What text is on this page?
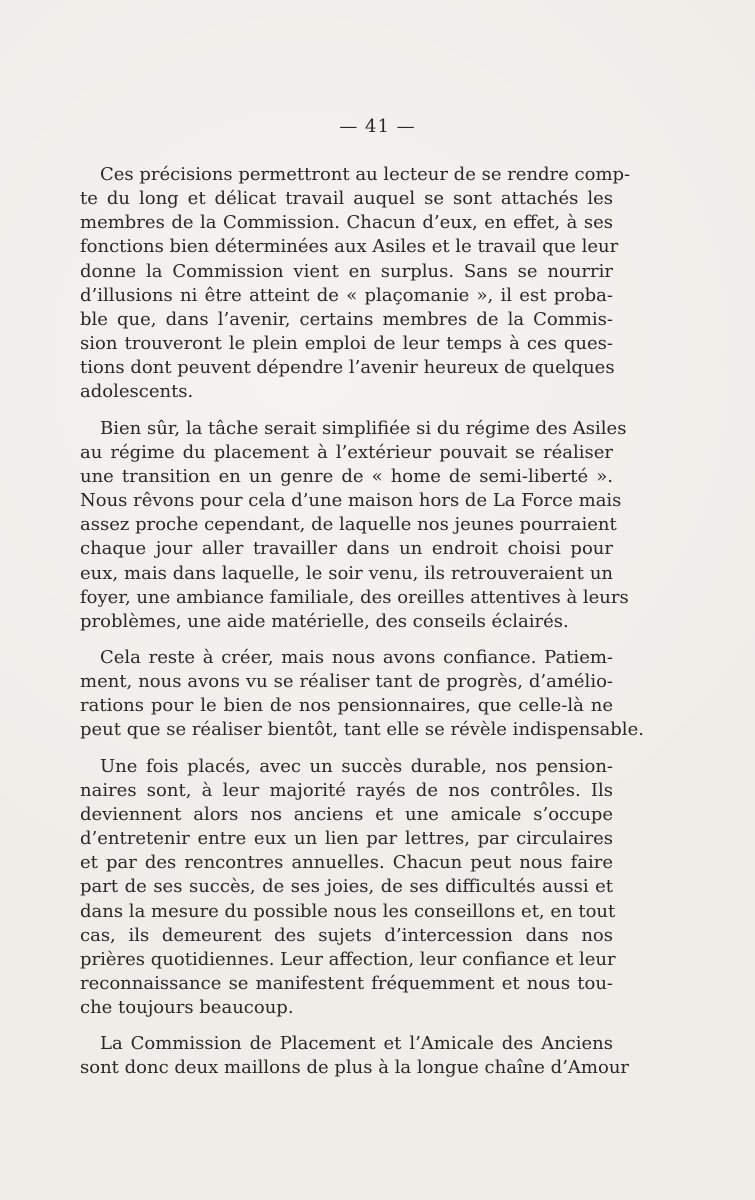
— 41 —

Ces précisions permettront au lecteur de se rendre comp-
te du long et délicat travail auquel se sont attachés les
membres de la Commission. Chacun d’eux, en effet, à ses
fonctions bien déterminées aux Asiles et le travail que leur
donne la Commission vient en surplus. Sans se nourrir
d’illusions ni être atteint de « plaçomanie », il est proba-
ble que, dans l’avenir, certains membres de la Commis-
sion trouveront le plein emploi de leur temps à ces ques-
tions dont peuvent dépendre l’avenir heureux de quelques
adolescents.

Bien sûr, la tâche serait simplifiée si du régime des Asiles
au régime du placement à l’extérieur pouvait se réaliser
une transition en un genre de « home de semi-liberté ».
Nous rêvons pour cela d’une maison hors de La Force mais
assez proche cependant, de laquelle nos jeunes pourraient
chaque jour aller travailler dans un endroit choisi pour
eux, mais dans laquelle, le soir venu, ils retrouveraient un
foyer, une ambiance familiale, des oreilles attentives à leurs
problèmes, une aide matérielle, des conseils éclairés.

Cela reste à créer, mais nous avons confiance. Patiem-
ment, nous avons vu se réaliser tant de progrès, d’amélio-
rations pour le bien de nos pensionnaires, que celle-là ne
peut que se réaliser bientôt, tant elle se révèle indispensable.

Une fois placés, avec un succès durable, nos pension-
naires sont, à leur majorité rayés de nos contrôles. Ils
deviennent alors nos anciens et une amicale s’occupe
d’entretenir entre eux un lien par lettres, par circulaires
et par des rencontres annuelles. Chacun peut nous faire
part de ses succès, de ses joies, de ses difficultés aussi et
dans la mesure du possible nous les conseillons et, en tout
cas, ils demeurent des sujets d’intercession dans nos
prières quotidiennes. Leur affection, leur confiance et leur
reconnaissance se manifestent fréquemment et nous tou-
che toujours beaucoup.

La Commission de Placement et l’Amicale des Anciens
sont donc deux maillons de plus à la longue chaîne d’Amour
